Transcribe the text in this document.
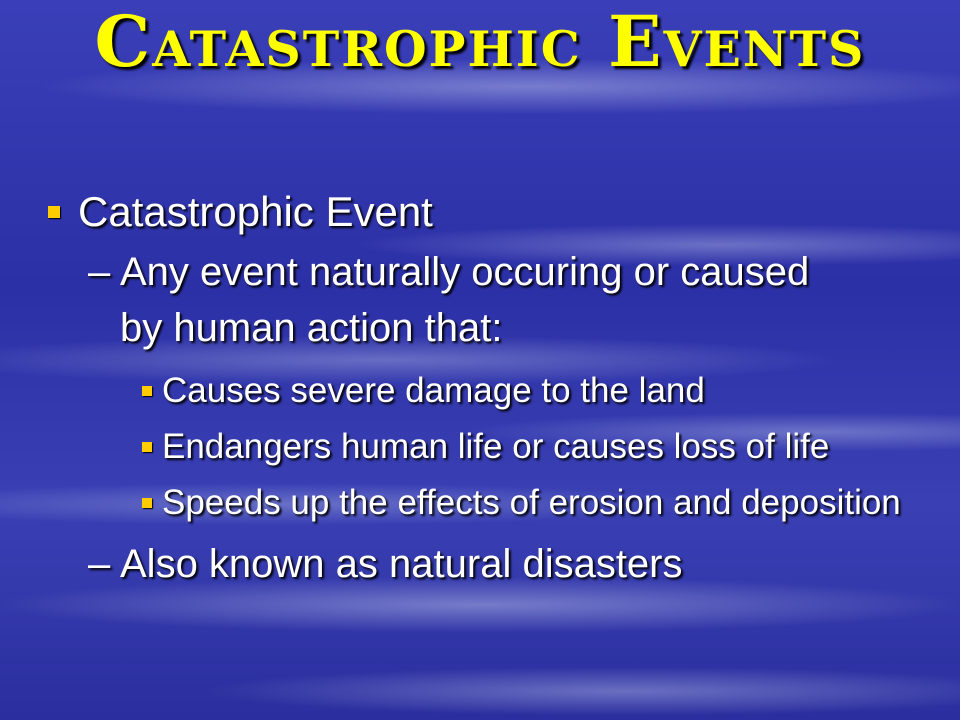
Catastrophic Events
Catastrophic Event
– Any event naturally occuring or caused by human action that:
Causes severe damage to the land
Endangers human life or causes loss of life
Speeds up the effects of erosion and deposition
– Also known as natural disasters
